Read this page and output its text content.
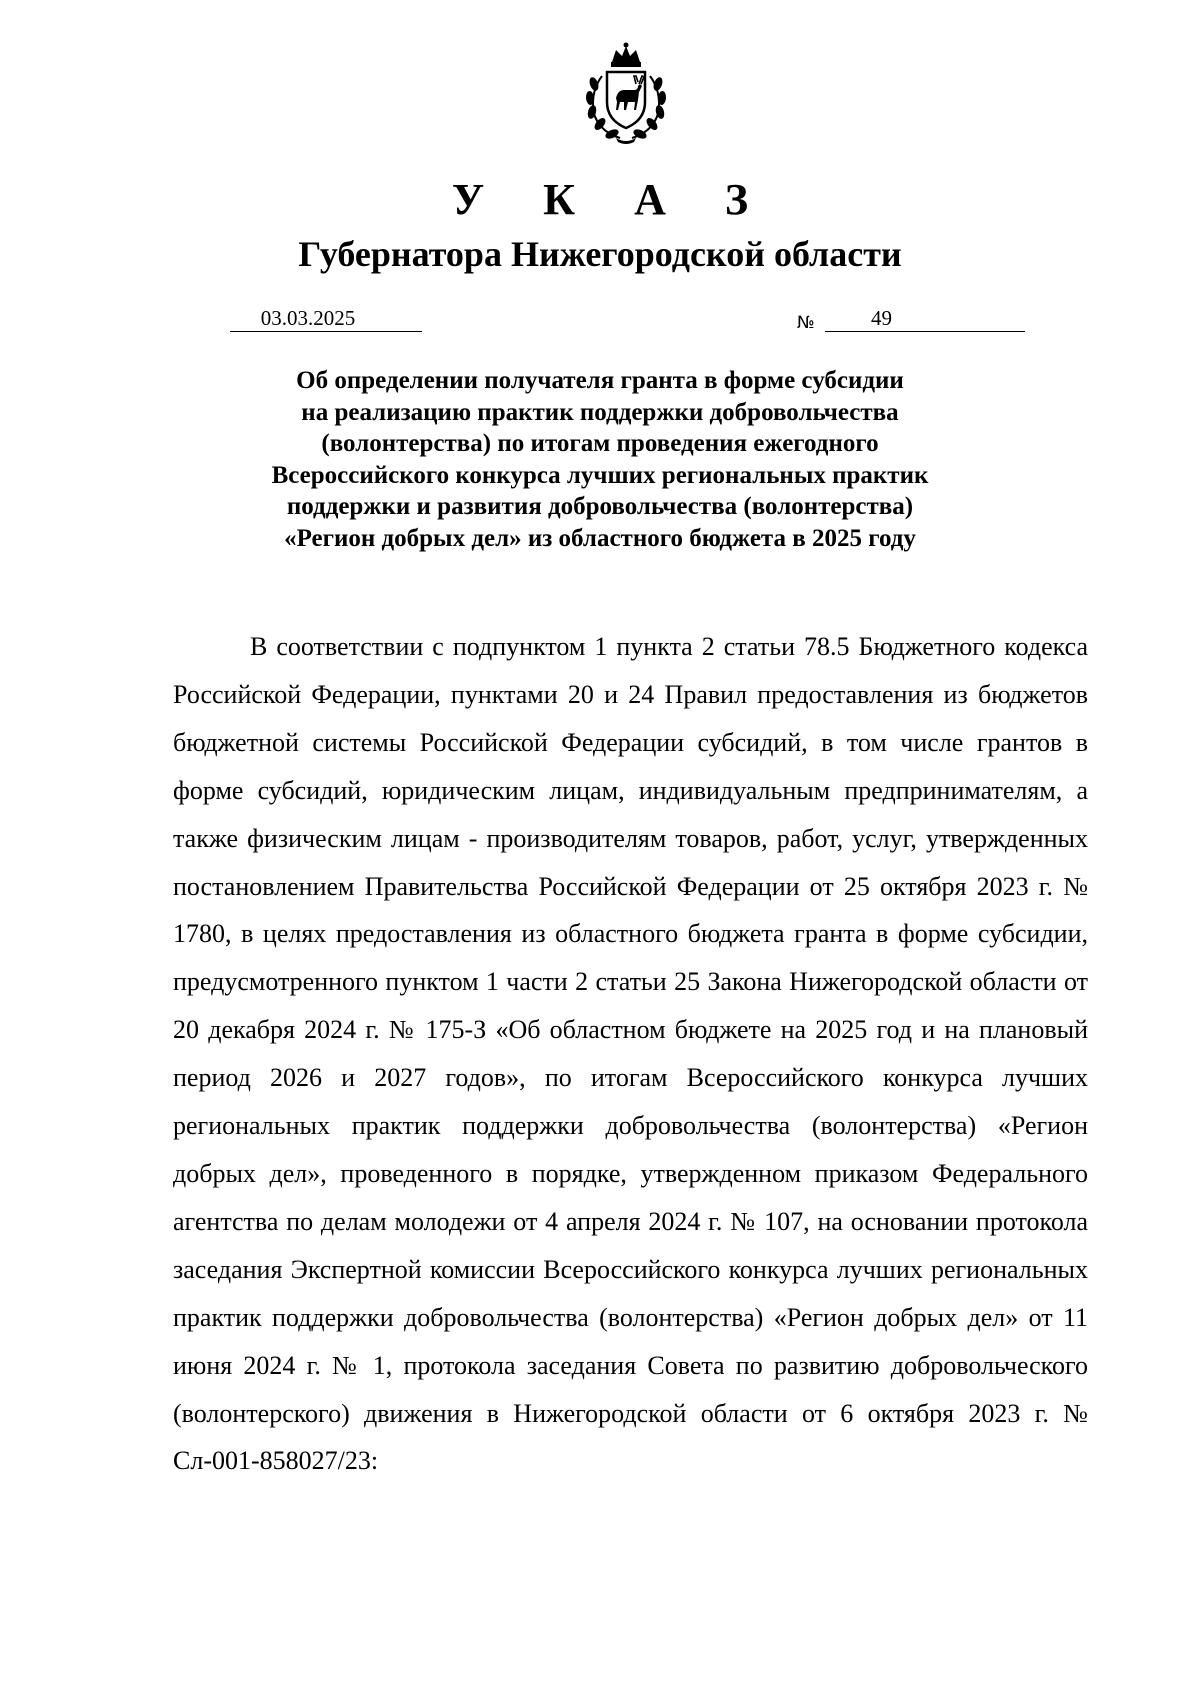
У К А З
Губернатора Нижегородской области
03.03.2025	№	49
Об определении получателя гранта в форме субсидии
на реализацию практик поддержки добровольчества
(волонтерства) по итогам проведения ежегодного
Всероссийского конкурса лучших региональных практик
поддержки и развития добровольчества (волонтерства)
«Регион добрых дел» из областного бюджета в 2025 году

В соответствии с подпунктом 1 пункта 2 статьи 78.5 Бюджетного кодекса Российской Федерации, пунктами 20 и 24 Правил предоставления из бюджетов бюджетной системы Российской Федерации субсидий, в том числе грантов в форме субсидий, юридическим лицам, индивидуальным предпринимателям, а также физическим лицам - производителям товаров, работ, услуг, утвержденных постановлением Правительства Российской Федерации от 25 октября 2023 г. № 1780, в целях предоставления из областного бюджета гранта в форме субсидии, предусмотренного пунктом 1 части 2 статьи 25 Закона Нижегородской области от 20 декабря 2024 г. № 175-З «Об областном бюджете на 2025 год и на плановый период 2026 и 2027 годов», по итогам Всероссийского конкурса лучших региональных практик поддержки добровольчества (волонтерства) «Регион добрых дел», проведенного в порядке, утвержденном приказом Федерального агентства по делам молодежи от 4 апреля 2024 г. № 107, на основании протокола заседания Экспертной комиссии Всероссийского конкурса лучших региональных практик поддержки добровольчества (волонтерства) «Регион добрых дел» от 11 июня 2024 г. № 1, протокола заседания Совета по развитию добровольческого (волонтерского) движения в Нижегородской области от 6 октября 2023 г. № Сл-001-858027/23:
